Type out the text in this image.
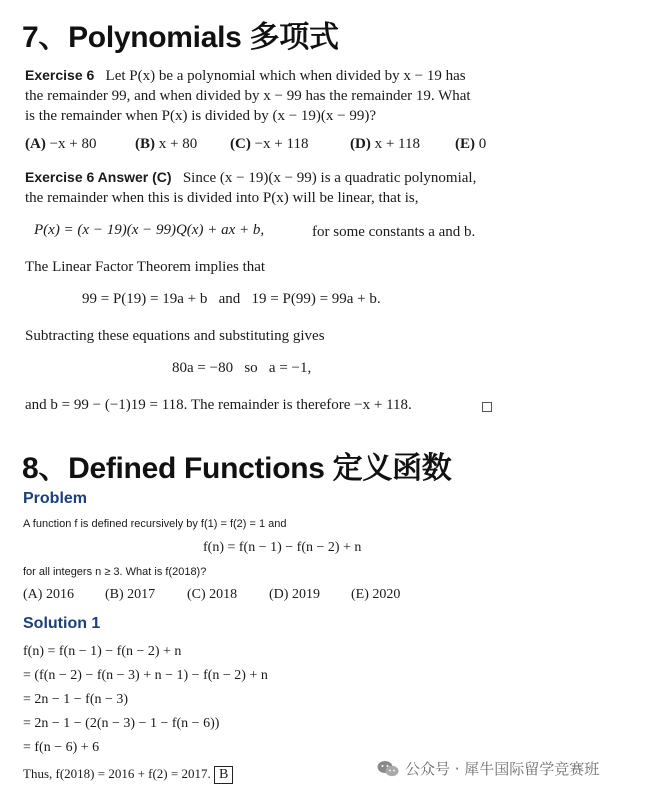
7、Polynomials 多项式
Exercise 6 Let P(x) be a polynomial which when divided by x − 19 has
the remainder 99, and when divided by x − 99 has the remainder 19. What
is the remainder when P(x) is divided by (x − 19)(x − 99)?
(A) −x + 80	(B) x + 80 (C) −x + 118	(D) x + 118 (E) 0
Exercise 6 Answer (C) Since (x − 19)(x − 99) is a quadratic polynomial,
the remainder when this is divided into P(x) will be linear, that is,
P(x) = (x − 19)(x − 99)Q(x) + ax + b,	for some constants a and b.
The Linear Factor Theorem implies that
99 = P(19) = 19a + b   and   19 = P(99) = 99a + b.
Subtracting these equations and substituting gives
80a = −80   so   a = −1,
and b = 99 − (−1)19 = 118. The remainder is therefore −x + 118.
8、Defined Functions 定义函数
Problem
A function f is defined recursively by f(1) = f(2) = 1 and
f(n) = f(n − 1) − f(n − 2) + n
for all integers n ≥ 3. What is f(2018)?
(A) 2016 (B) 2017 (C) 2018 (D) 2019 (E) 2020
Solution 1
f(n) = f(n − 1) − f(n − 2) + n
= (f(n − 2) − f(n − 3) + n − 1) − f(n − 2) + n
= 2n − 1 − f(n − 3)
= 2n − 1 − (2(n − 3) − 1 − f(n − 6))
= f(n − 6) + 6
Thus, f(2018) = 2016 + f(2) = 2017. B	公众号 · 犀牛国际留学竞赛班
